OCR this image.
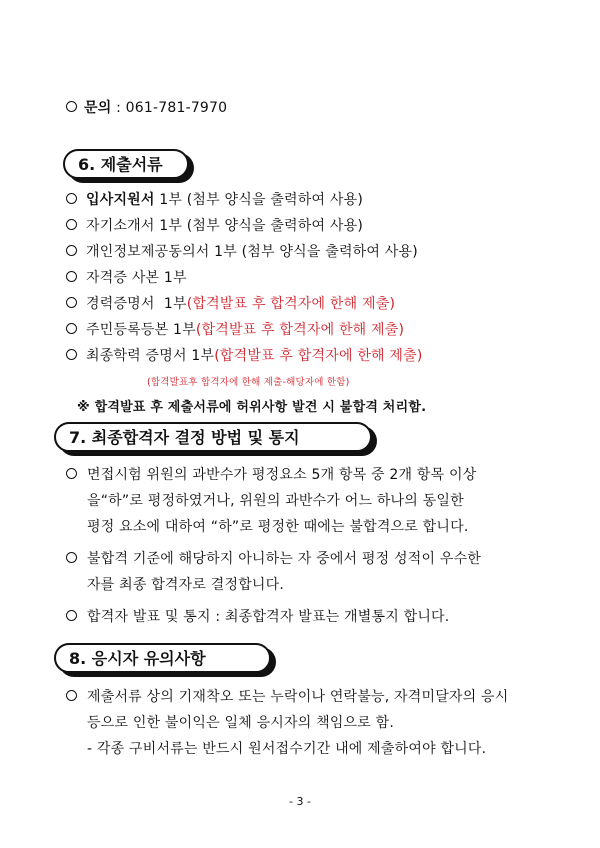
문의 : 061-781-7970
6. 제출서류
입사지원서 1부 (첨부 양식을 출력하여 사용)
자기소개서 1부 (첨부 양식을 출력하여 사용)
개인정보제공동의서 1부 (첨부 양식을 출력하여 사용)
자격증 사본 1부
경력증명서  1부(합격발표 후 합격자에 한해 제출)
주민등록등본 1부(합격발표 후 합격자에 한해 제출)
최종학력 증명서 1부(합격발표 후 합격자에 한해 제출)
(합격발표후 합격자에 한해 제출-해당자에 한함)
※ 합격발표 후 제출서류에 허위사항 발견 시 불합격 처리함.
7. 최종합격자 결정 방법 및 통지
면접시험 위원의 과반수가 평정요소 5개 항목 중 2개 항목 이상
을“하”로 평정하였거나, 위원의 과반수가 어느 하나의 동일한
평정 요소에 대하여 “하”로 평정한 때에는 불합격으로 합니다.
불합격 기준에 해당하지 아니하는 자 중에서 평정 성적이 우수한
자를 최종 합격자로 결정합니다.
합격자 발표 및 통지 : 최종합격자 발표는 개별통지 합니다.
8. 응시자 유의사항
제출서류 상의 기재착오 또는 누락이나 연락불능, 자격미달자의 응시
등으로 인한 불이익은 일체 응시자의 책임으로 함.
- 각종 구비서류는 반드시 원서접수기간 내에 제출하여야 합니다.
- 3 -
